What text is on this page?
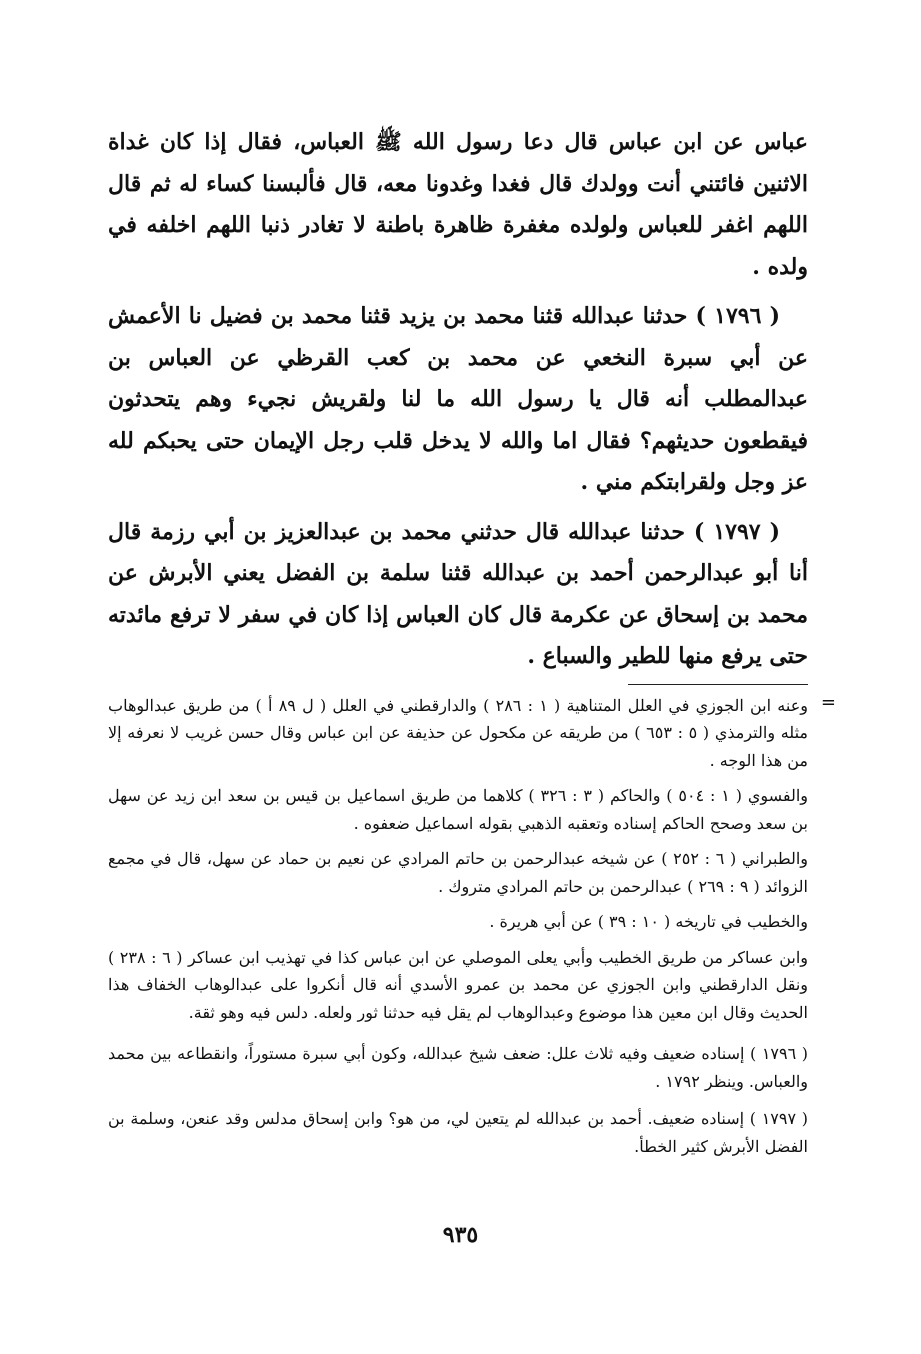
عباس عن ابن عباس قال دعا رسول الله ﷺ العباس، فقال إذا كان غداة الاثنين فائتني أنت وولدك قال فغدا وغدونا معه، قال فألبسنا كساء له ثم قال اللهم اغفر للعباس ولولده مغفرة ظاهرة باطنة لا تغادر ذنبا اللهم اخلفه في ولده .

( ١٧٩٦ ) حدثنا عبدالله قثنا محمد بن يزيد قثنا محمد بن فضيل نا الأعمش عن أبي سبرة النخعي عن محمد بن كعب القرظي عن العباس بن عبدالمطلب أنه قال يا رسول الله ما لنا ولقريش نجيء وهم يتحدثون فيقطعون حديثهم؟ فقال اما والله لا يدخل قلب رجل الإيمان حتى يحبكم لله عز وجل ولقرابتكم مني .

( ١٧٩٧ ) حدثنا عبدالله قال حدثني محمد بن عبدالعزيز بن أبي رزمة قال أنا أبو عبدالرحمن أحمد بن عبدالله قثنا سلمة بن الفضل يعني الأبرش عن محمد بن إسحاق عن عكرمة قال كان العباس إذا كان في سفر لا ترفع مائدته حتى يرفع منها للطير والسباع .

=

وعنه ابن الجوزي في العلل المتناهية ( ١ : ٢٨٦ ) والدارقطني في العلل ( ل ٨٩ أ ) من طريق عبدالوهاب مثله والترمذي ( ٥ : ٦٥٣ ) من طريقه عن مكحول عن حذيفة عن ابن عباس وقال حسن غريب لا نعرفه إلا من هذا الوجه .

والفسوي ( ١ : ٥٠٤ ) والحاكم ( ٣ : ٣٢٦ ) كلاهما من طريق اسماعيل بن قيس بن سعد ابن زيد عن سهل بن سعد وصحح الحاكم إسناده وتعقبه الذهبي بقوله اسماعيل ضعفوه .

والطبراني ( ٦ : ٢٥٢ ) عن شيخه عبدالرحمن بن حاتم المرادي عن نعيم بن حماد عن سهل، قال في مجمع الزوائد ( ٩ : ٢٦٩ ) عبدالرحمن بن حاتم المرادي متروك .

والخطيب في تاريخه ( ١٠ : ٣٩ ) عن أبي هريرة .

وابن عساكر من طريق الخطيب وأبي يعلى الموصلي عن ابن عباس كذا في تهذيب ابن عساكر ( ٦ : ٢٣٨ ) ونقل الدارقطني وابن الجوزي عن محمد بن عمرو الأسدي أنه قال أنكروا على عبدالوهاب الخفاف هذا الحديث وقال ابن معين هذا موضوع وعبدالوهاب لم يقل فيه حدثنا ثور ولعله. دلس فيه وهو ثقة.

( ١٧٩٦ ) إسناده ضعيف وفيه ثلاث علل: ضعف شيخ عبدالله، وكون أبي سبرة مستوراً، وانقطاعه بين محمد والعباس. وينظر ١٧٩٢ .

( ١٧٩٧ ) إسناده ضعيف. أحمد بن عبدالله لم يتعين لي، من هو؟ وابن إسحاق مدلس وقد عنعن، وسلمة بن الفضل الأبرش كثير الخطأ.

٩٣٥
